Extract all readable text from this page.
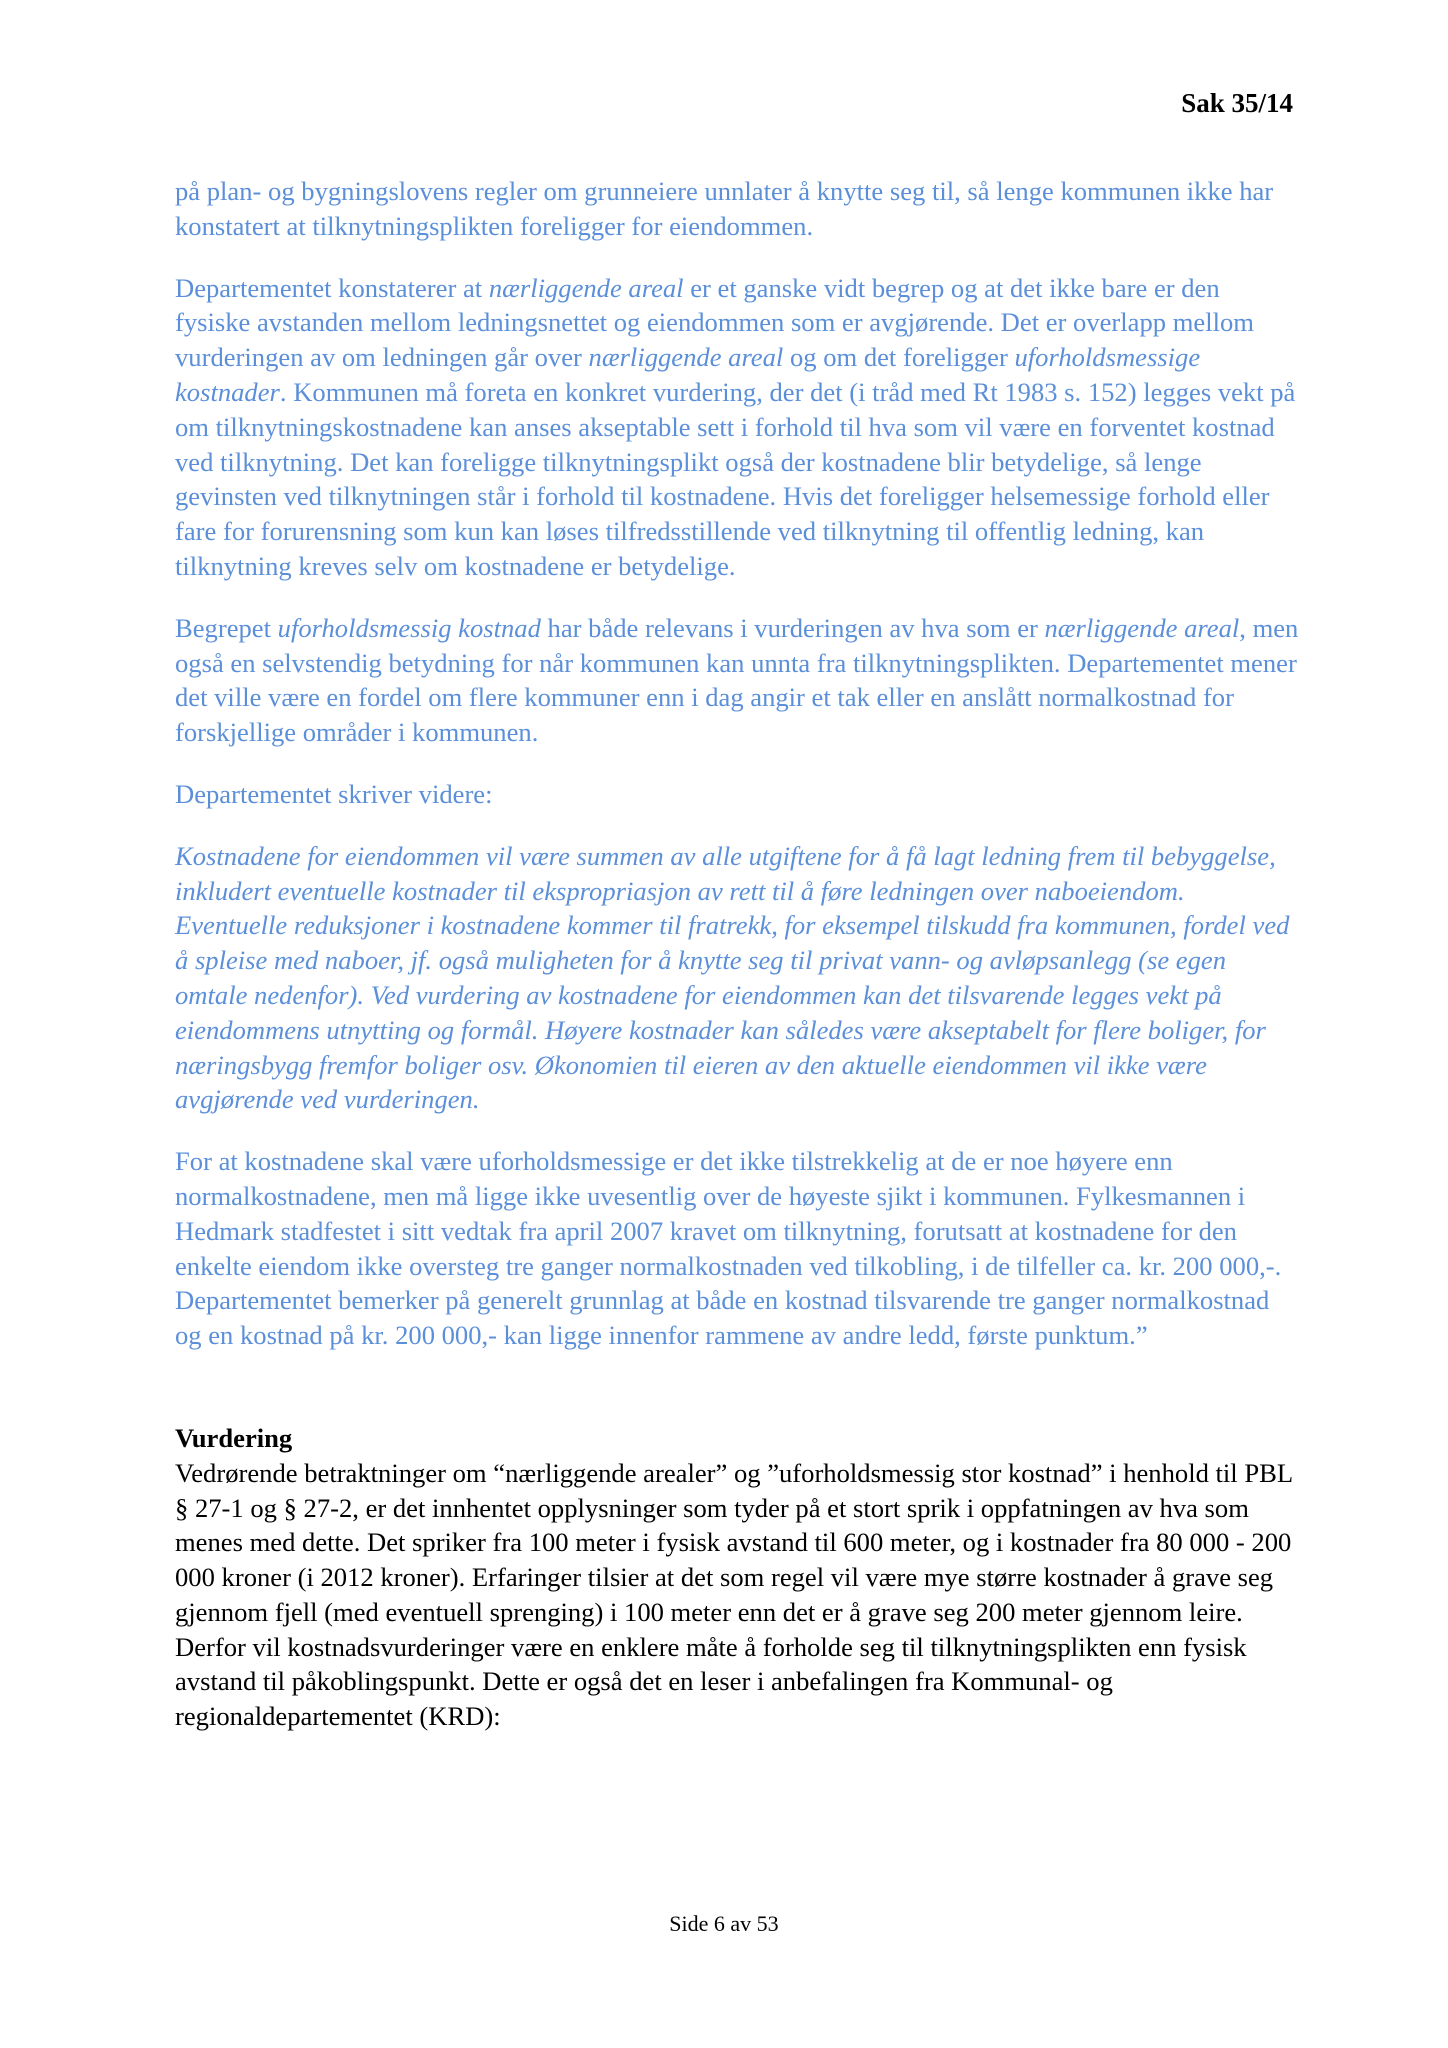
Sak 35/14

på plan- og bygningslovens regler om grunneiere unnlater å knytte seg til, så lenge kommunen ikke har konstatert at tilknytningsplikten foreligger for eiendommen.

Departementet konstaterer at nærliggende areal er et ganske vidt begrep og at det ikke bare er den fysiske avstanden mellom ledningsnettet og eiendommen som er avgjørende. Det er overlapp mellom vurderingen av om ledningen går over nærliggende areal og om det foreligger uforholdsmessige kostnader. Kommunen må foreta en konkret vurdering, der det (i tråd med Rt 1983 s. 152) legges vekt på om tilknytningskostnadene kan anses akseptable sett i forhold til hva som vil være en forventet kostnad ved tilknytning. Det kan foreligge tilknytningsplikt også der kostnadene blir betydelige, så lenge gevinsten ved tilknytningen står i forhold til kostnadene. Hvis det foreligger helsemessige forhold eller fare for forurensning som kun kan løses tilfredsstillende ved tilknytning til offentlig ledning, kan tilknytning kreves selv om kostnadene er betydelige.

Begrepet uforholdsmessig kostnad har både relevans i vurderingen av hva som er nærliggende areal, men også en selvstendig betydning for når kommunen kan unnta fra tilknytningsplikten. Departementet mener det ville være en fordel om flere kommuner enn i dag angir et tak eller en anslått normalkostnad for forskjellige områder i kommunen.

Departementet skriver videre:

Kostnadene for eiendommen vil være summen av alle utgiftene for å få lagt ledning frem til bebyggelse, inkludert eventuelle kostnader til ekspropriasjon av rett til å føre ledningen over naboeiendom. Eventuelle reduksjoner i kostnadene kommer til fratrekk, for eksempel tilskudd fra kommunen, fordel ved å spleise med naboer, jf. også muligheten for å knytte seg til privat vann- og avløpsanlegg (se egen omtale nedenfor). Ved vurdering av kostnadene for eiendommen kan det tilsvarende legges vekt på eiendommens utnytting og formål. Høyere kostnader kan således være akseptabelt for flere boliger, for næringsbygg fremfor boliger osv. Økonomien til eieren av den aktuelle eiendommen vil ikke være avgjørende ved vurderingen.

For at kostnadene skal være uforholdsmessige er det ikke tilstrekkelig at de er noe høyere enn normalkostnadene, men må ligge ikke uvesentlig over de høyeste sjikt i kommunen. Fylkesmannen i Hedmark stadfestet i sitt vedtak fra april 2007 kravet om tilknytning, forutsatt at kostnadene for den enkelte eiendom ikke oversteg tre ganger normalkostnaden ved tilkobling, i de tilfeller ca. kr. 200 000,-. Departementet bemerker på generelt grunnlag at både en kostnad tilsvarende tre ganger normalkostnad og en kostnad på kr. 200 000,- kan ligge innenfor rammene av andre ledd, første punktum.”

Vurdering

Vedrørende betraktninger om “nærliggende arealer” og ”uforholdsmessig stor kostnad” i henhold til PBL § 27-1 og § 27-2, er det innhentet opplysninger som tyder på et stort sprik i oppfatningen av hva som menes med dette. Det spriker fra 100 meter i fysisk avstand til 600 meter, og i kostnader fra 80 000 - 200 000 kroner (i 2012 kroner). Erfaringer tilsier at det som regel vil være mye større kostnader å grave seg gjennom fjell (med eventuell sprenging) i 100 meter enn det er å grave seg 200 meter gjennom leire. Derfor vil kostnadsvurderinger være en enklere måte å forholde seg til tilknytningsplikten enn fysisk avstand til påkoblingspunkt. Dette er også det en leser i anbefalingen fra Kommunal- og regionaldepartementet (KRD):

Side 6 av 53
